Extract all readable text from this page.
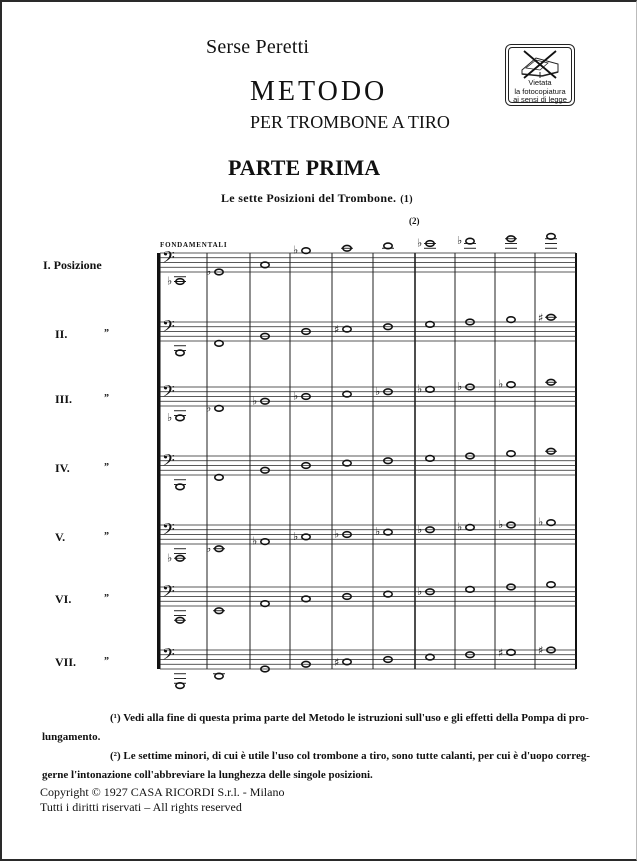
Serse Peretti
METODO
PER TROMBONE A TIRO
Vietata
la fotocopiatura
ai sensi di legge
PARTE PRIMA
Le sette Posizioni del Trombone. (1)
FONDAMENTALI
(2)
I. Posizione
II.	”
III.	”
IV.	”
V.	”
VI.	”
VII.	”
𝄢
♭
♭
♭
♭	♭
𝄢	♯
♯
𝄢
♭
♭
♭	♭	♭	♭	♭	♭
𝄢
𝄢
♭
♭
♭	♭	♭	♭	♭	♭	♭	♭
𝄢	♭
𝄢	♯
♯	♯
(¹) Vedi alla fine di questa prima parte del Metodo le istruzioni sull'uso e gli effetti della Pompa di pro-
lungamento.
(²) Le settime minori, di cui è utile l'uso col trombone a tiro, sono tutte calanti, per cui è d'uopo correg-
gerne l'intonazione coll'abbreviare la lunghezza delle singole posizioni.
Copyright © 1927 CASA RICORDI S.r.l. - Milano
Tutti i diritti riservati – All rights reserved
